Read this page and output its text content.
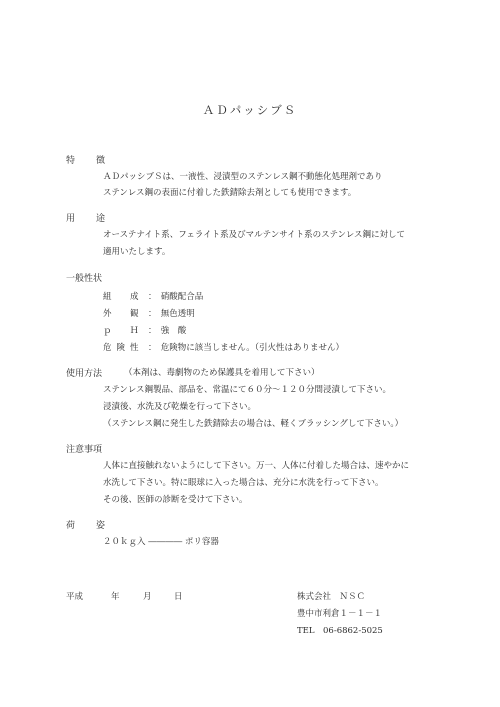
ＡＤパッシブＳ
特　徴
ＡＤパッシブＳは、一液性、浸漬型のステンレス鋼不動態化処理剤であり
ステンレス鋼の表面に付着した鉄錆除去剤としても使用できます。
用　途
オーステナイト系、フェライト系及びマルテンサイト系のステンレス鋼に対して
適用いたします。
一般性状
組　成 ：　硝酸配合品
外　観 ：　無色透明
ｐ　Ｈ ：　強　酸
危険性 ：　危険物に該当しません。（引火性はありません）
使用方法	（本剤は、毒劇物のため保護具を着用して下さい）
ステンレス鋼製品、部品を、常温にて６０分～１２０分間浸漬して下さい。
浸漬後、水洗及び乾燥を行って下さい。
（ステンレス鋼に発生した鉄錆除去の場合は、軽くブラッシングして下さい。）
注意事項
人体に直接触れないようにして下さい。万一、人体に付着した場合は、速やかに
水洗して下さい。特に眼球に入った場合は、充分に水洗を行って下さい。
その後、医師の診断を受けて下さい。
荷　姿
２０ｋｇ入 ―――― ポリ容器
平成	年	月	日	株式会社　ＮＳＣ
豊中市利倉１－１－１
TEL　06-6862-5025
